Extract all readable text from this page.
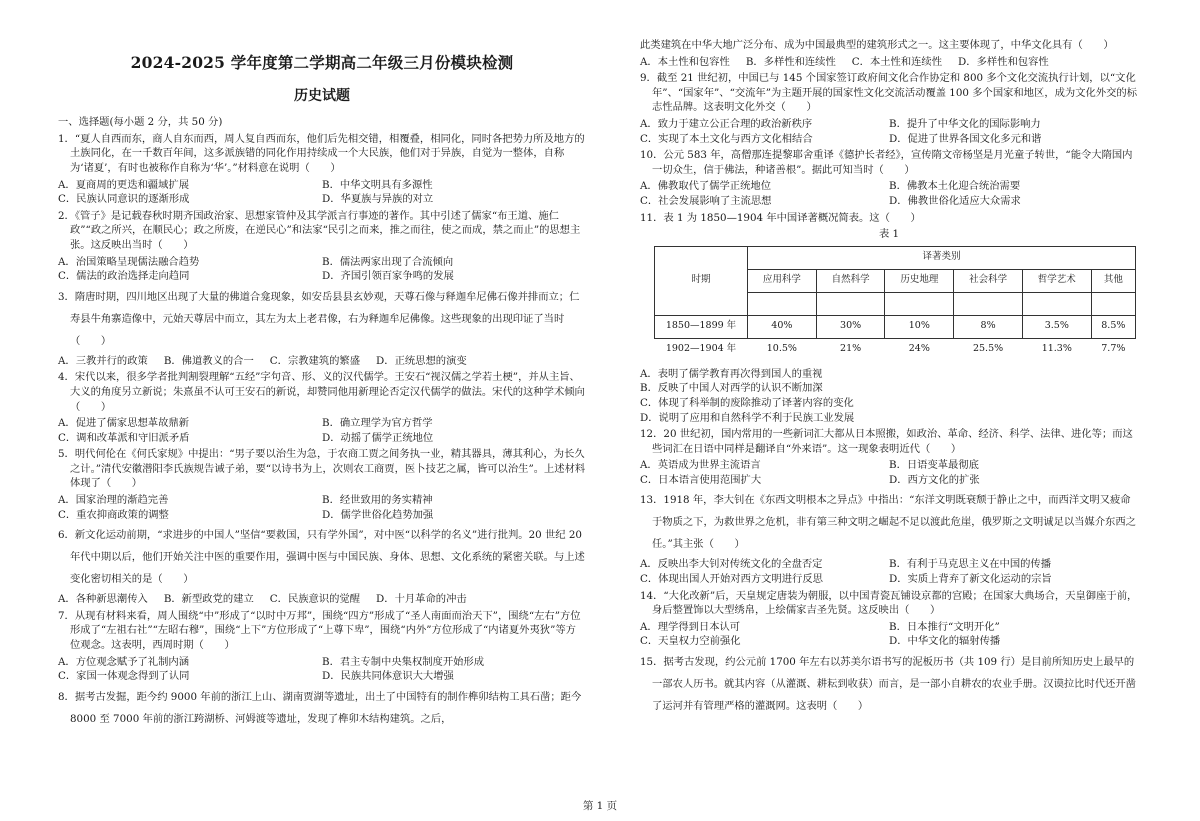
2024-2025 学年度第二学期高二年级三月份模块检测
历史试题
一、选择题(每小题 2 分，共 50 分)

1．“夏人自西而东，商人自东而西，周人复自西而东，他们后先相交错，相覆叠，相同化，同时各把势力所及地方的土族同化，在一千数百年间，这多派族错的同化作用持续成一个大民族，他们对于异族，自觉为一整体，自称为‘诸夏’，有时也被称作自称为‘华’。”材料意在说明（　　）

A．夏商周的更迭和疆域扩展	B．中华文明具有多源性
C．民族认同意识的逐渐形成	D．华夏族与异族的对立

2．《管子》是记载春秋时期齐国政治家、思想家管仲及其学派言行事迹的著作。其中引述了儒家“布王道、施仁政”“政之所兴，在顺民心；政之所废，在逆民心”和法家“民引之而来，推之而往，使之而成，禁之而止”的思想主张。这反映出当时（　　）

A．治国策略呈现儒法融合趋势	B．儒法两家出现了合流倾向
C．儒法的政治选择走向趋同	D．齐国引领百家争鸣的发展

3．隋唐时期，四川地区出现了大量的佛道合龛现象，如安岳县县玄妙观，天尊石像与释迦牟尼佛石像并排而立；仁寿县牛角寨造像中，元始天尊居中而立，其左为太上老君像，右为释迦牟尼佛像。这些现象的出现印证了当时（　　）

A．三教并行的政策 B．佛道教义的合一 C．宗教建筑的繁盛 D．正统思想的演变

4．宋代以来，很多学者批判割裂理解“五经”字句音、形、义的汉代儒学。王安石“视汉儒之学若土梗”，并从主旨、大义的角度另立新说；朱熹虽不认可王安石的新说，却赞同他用新理论否定汉代儒学的做法。宋代的这种学术倾向（　　）

A．促进了儒家思想革故鼎新	B．确立理学为官方哲学
C．调和改革派和守旧派矛盾	D．动摇了儒学正统地位

5．明代何伦在《何氏家规》中提出：“男子要以治生为急，于农商工贾之间务执一业，精其器具，薄其利心，为长久之计。”清代安徽潜阳李氏族规告诫子弟，要“以诗书为上，次则农工商贾，医卜技艺之属，皆可以治生”。上述材料体现了（　　）

A．国家治理的渐趋完善	B．经世致用的务实精神
C．重农抑商政策的调整	D．儒学世俗化趋势加强

6．新文化运动前期，“求进步的中国人”坚信“要救国，只有学外国”，对中医“以科学的名义”进行批判。20 世纪 20 年代中期以后，他们开始关注中医的重要作用，强调中医与中国民族、身体、思想、文化系统的紧密关联。与上述变化密切相关的是（　　）

A．各种新思潮传入 B．新型政党的建立 C．民族意识的觉醒 D．十月革命的冲击

7．从现有材料来看，周人围绕“中”形成了“以时中万邦”，围绕“四方”形成了“圣人南面而治天下”，围绕“左右”方位形成了“左祖右社”“左昭右穆”，围绕“上下”方位形成了“上尊下卑”，围绕“内外”方位形成了“内诸夏外夷狄”等方位观念。这表明，西周时期（　　）

A．方位观念赋予了礼制内涵	B．君主专制中央集权制度开始形成
C．家国一体观念得到了认同	D．民族共同体意识大大增强

8．据考古发掘，距今约 9000 年前的浙江上山、湖南贾湖等遗址，出土了中国特有的制作榫卯结构工具石凿；距今 8000 至 7000 年前的浙江跨湖桥、河姆渡等遗址，发现了榫卯木结构建筑。之后，

此类建筑在中华大地广泛分布、成为中国最典型的建筑形式之一。这主要体现了，中华文化具有（　　）

A．本土性和包容性 B．多样性和连续性 C．本土性和连续性 D．多样性和包容性

9．截至 21 世纪初，中国已与 145 个国家签订政府间文化合作协定和 800 多个文化交流执行计划，以“文化年”、“国家年”、“交流年”为主题开展的国家性文化交流活动覆盖 100 多个国家和地区，成为文化外交的标志性品牌。这表明文化外交（　　）

A．致力于建立公正合理的政治新秩序	B．提升了中华文化的国际影响力
C．实现了本土文化与西方文化相结合	D．促进了世界各国文化多元和谐

10．公元 583 年，高僧那连提黎耶舍重译《德护长者经》，宣传隋文帝杨坚是月光童子转世，“能令大隋国内一切众生，信于佛法，种诸善根”。据此可知当时（　　）

A．佛教取代了儒学正统地位	B．佛教本土化迎合统治需要
C．社会发展影响了主流思想	D．佛教世俗化适应大众需求

11．表 1 为 1850—1904 年中国译著概况简表。这（　　）

表 1

时期	译著类别					
	应用科学	自然科学	历史地理	社会科学	哲学艺术	其他

1850—1899 年	40%	30%	10%	8%	3.5%	8.5%
1902—1904 年	10.5%	21%	24%	25.5%	11.3%	7.7%
A．表明了儒学教育再次得到国人的重视
B．反映了中国人对西学的认识不断加深
C．体现了科举制的废除推动了译著内容的变化
D．说明了应用和自然科学不利于民族工业发展

12．20 世纪初，国内常用的一些新词汇大都从日本照搬，如政治、革命、经济、科学、法律、进化等；而这些词汇在日语中同样是翻译自“外来语”。这一现象表明近代（　　）

A．英语成为世界主流语言	B．日语变革最彻底
C．日本语言使用范围扩大	D．西方文化的扩张

13．1918 年，李大钊在《东西文明根本之异点》中指出：“东洋文明既衰颓于静止之中，而西洋文明又疲命于物质之下，为救世界之危机，非有第三种文明之崛起不足以渡此危崖，俄罗斯之文明诚足以当媒介东西之任。”其主张（　　）

A．反映出李大钊对传统文化的全盘否定	B．有利于马克思主义在中国的传播
C．体现出国人开始对西方文明进行反思	D．实质上背弃了新文化运动的宗旨

14．“大化改新”后，天皇规定唐装为朝服，以中国青瓷瓦铺设京都的宫殿；在国家大典场合，天皇御座于前，身后整置饰以大型绣帛，上绘儒家吉圣先贤。这反映出（　　）

A．理学得到日本认可	B．日本推行“文明开化”
C．天皇权力空前强化	D．中华文化的辐射传播

15．据考古发现，约公元前 1700 年左右以苏美尔语书写的泥板历书（共 109 行）是目前所知历史上最早的一部农人历书。就其内容（从灌溉、耕耘到收获）而言，是一部小自耕农的农业手册。汉谟拉比时代还开凿了运河并有管理严格的灌溉网。这表明（　　）

第 1 页
